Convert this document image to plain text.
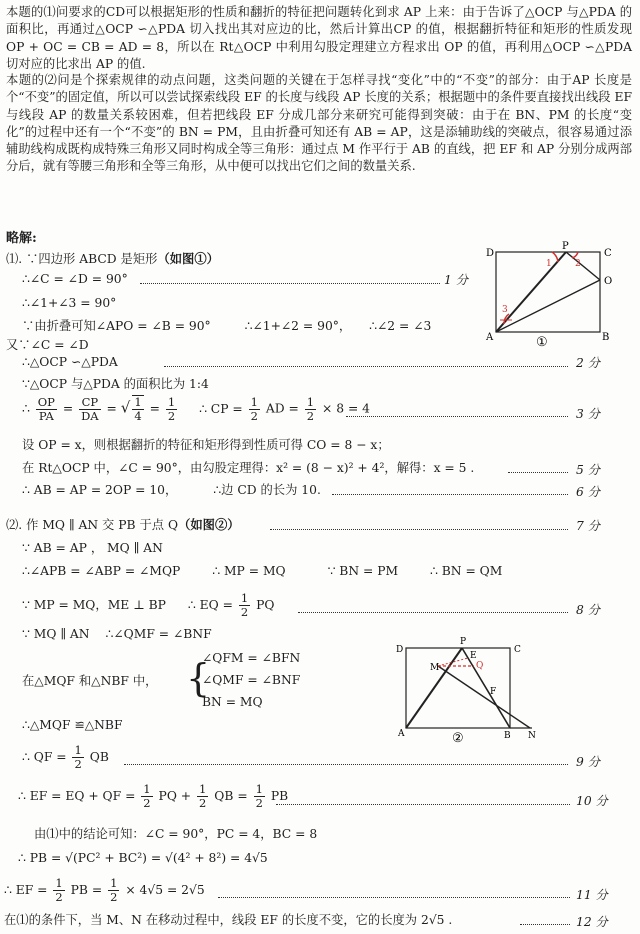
本题的⑴问要求的CD可以根据矩形的性质和翻折的特征把问题转化到求 AP 上来：由于告诉了△OCP 与△PDA 的面积比，再通过△OCP ∽△PDA 切入找出其对应边的比，然后计算出CP 的值，根据翻折特征和矩形的性质发现 OP + OC = CB = AD = 8，所以在 Rt△OCP 中利用勾股定理建立方程求出 OP 的值，再利用△OCP ∽△PDA 切对应的比求出 AP 的值.
本题的⑵问是个探索规律的动点问题，这类问题的关键在于怎样寻找“变化”中的“不变”的部分：由于AP 长度是个“不变”的固定值，所以可以尝试探索线段 EF 的长度与线段 AP 长度的关系；根据题中的条件要直接找出线段 EF 与线段 AP 的数量关系较困难，但若把线段 EF 分成几部分来研究可能得到突破：由于在 BN、PM 的长度“变化”的过程中还有一个“不变”的 BN = PM，且由折叠可知还有 AB = AP，这是添辅助线的突破点，很容易通过添辅助线构成既构成特殊三角形又同时构成全等三角形：通过点 M 作平行于 AB 的直线，把 EF 和 AP 分别分成两部分后，就有等腰三角形和全等三角形，从中便可以找出它们之间的数量关系.
略解:
⑴. ∵四边形 ABCD 是矩形（如图①）
∴∠C = ∠D = 90°	1 分
∴∠1+∠3 = 90°
∵由折叠可知∠APO = ∠B = 90°	∴∠1+∠2 = 90°， ∴∠2 = ∠3
又∵∠C = ∠D
∴△OCP ∽△PDA	2 分
∵△OCP 与△PDA 的面积比为 1:4
∴ $\frac{OP}{PA} = \frac{CP}{DA}$ = √ $\frac{1}{4} = \frac{1}{2}$ ∴ CP = $\frac{1}{2}$ AD = $\frac{1}{2} \times 8 = 4$	3 分
设 OP = x，则根据翻折的特征和矩形得到性质可得 CO = 8 − x；
在 Rt△OCP 中，∠C = 90°，由勾股定理得：x² = (8 − x)² + 4²，解得：x = 5 .	5 分
∴ AB = AP = 2OP = 10，	∴边 CD 的长为 10.	6 分
D
P
C
O
A	B
1	2
3
①
⑵. 作 MQ ∥ AN 交 PB 于点 Q（如图②）	7 分
∵ AB = AP ， MQ ∥ AN
∴∠APB = ∠ABP = ∠MQP	∴ MP = MQ	∵ BN = PM	∴ BN = QM
∵ MP = MQ，ME ⊥ BP ∴ EQ = $\frac{1}{2}$ PQ	8 分
∵ MQ ∥ AN ∴∠QMF = ∠BNF
在△MQF 和△NBF 中， {
∠QFM = ∠BFN
∠QMF = ∠BNF
BN = MQ
∴△MQF ≌△NBF
∴ QF = $\frac{1}{2}$ QB	9 分
∴ EF = EQ + QF = $\frac{1}{2}$ PQ + $\frac{1}{2}$ QB = $\frac{1}{2}$ PB	10 分
由⑴中的结论可知：∠C = 90°，PC = 4，BC = 8
∴ PB = √(PC² + BC²) = √(4² + 8²) = 4√5
∴ EF = $\frac{1}{2}$ PB = $\frac{1}{2} \times 4√5 = 2√5$	11 分
在⑴的条件下，当 M、N 在移动过程中，线段 EF 的长度不变，它的长度为 2√5 .	12 分
D
P
C
M	Q
E
F
A	B N
②
